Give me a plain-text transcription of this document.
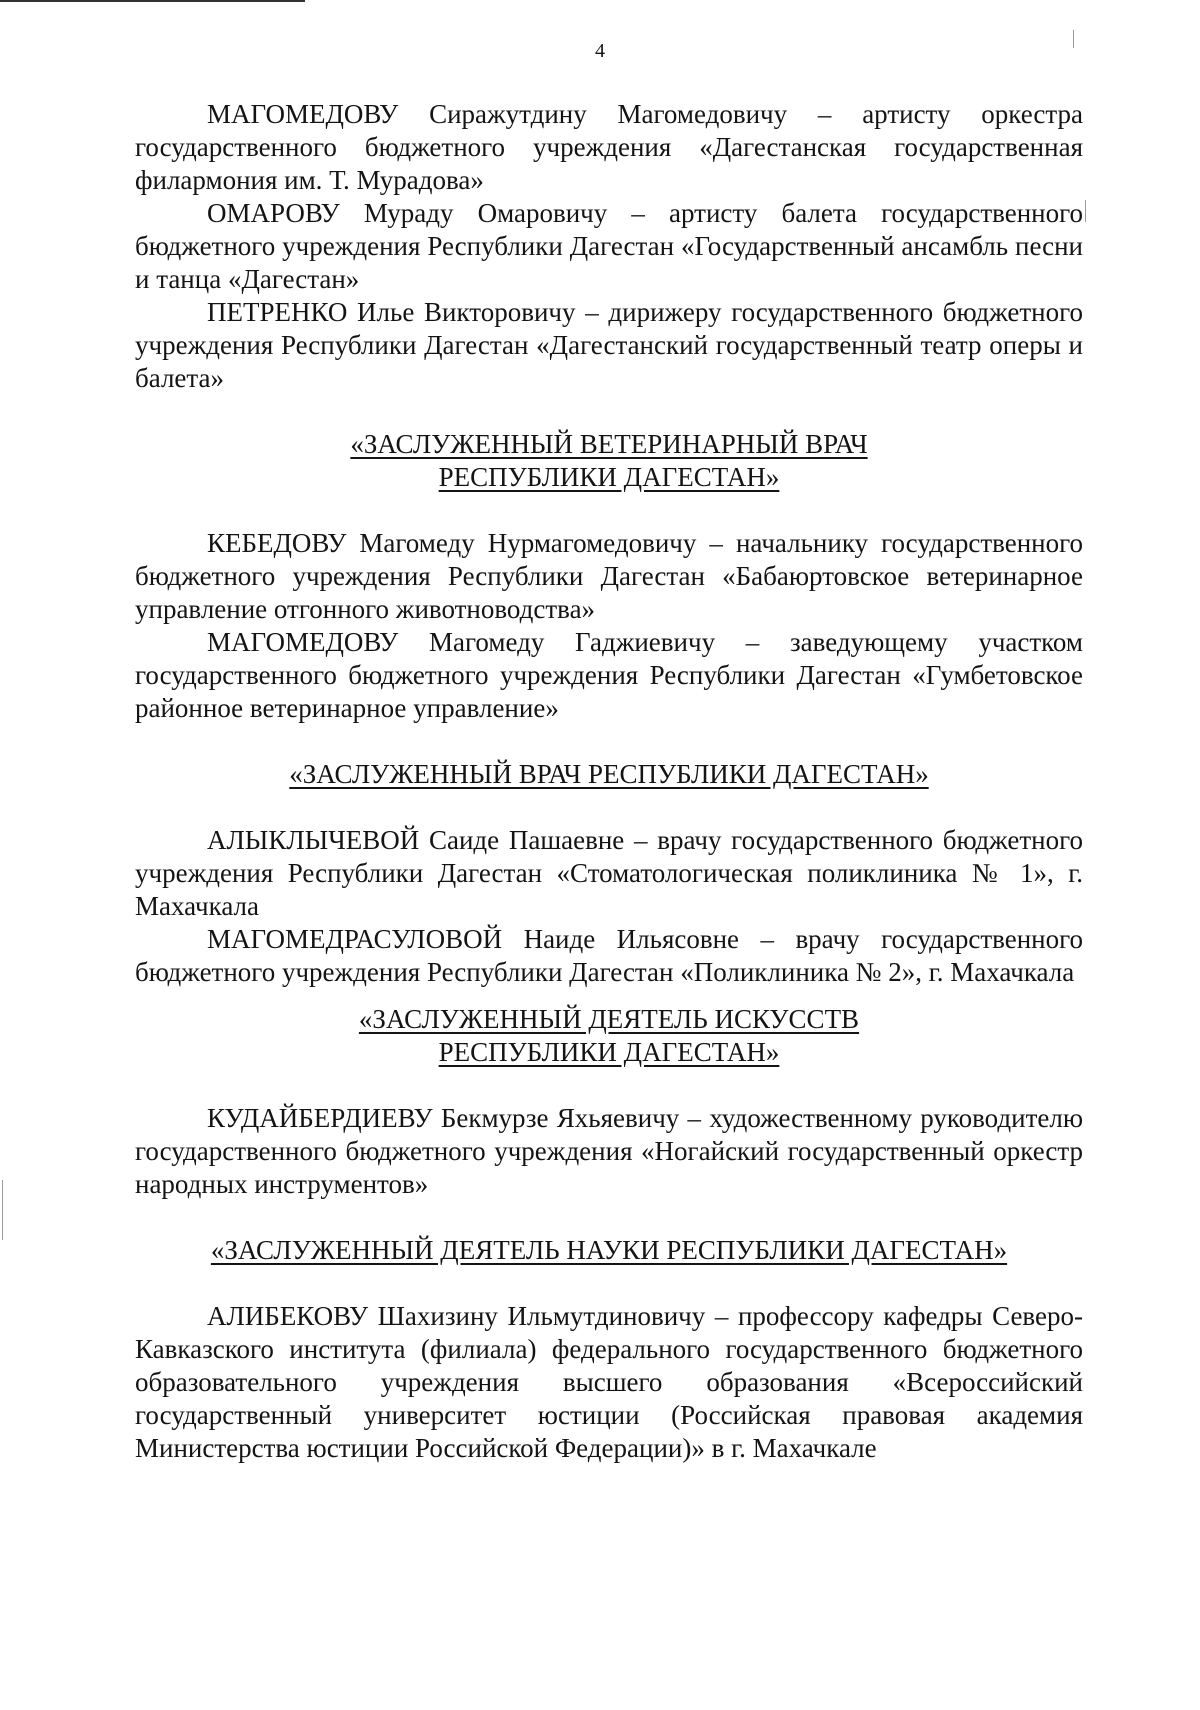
4

МАГОМЕДОВУ Сиражутдину Магомедовичу – артисту оркестра государственного бюджетного учреждения «Дагестанская государственная филармония им. Т. Мурадова»

ОМАРОВУ Мураду Омаровичу – артисту балета государственного бюджетного учреждения Республики Дагестан «Государственный ансамбль песни и танца «Дагестан»

ПЕТРЕНКО Илье Викторовичу – дирижеру государственного бюджетного учреждения Республики Дагестан «Дагестанский государственный театр оперы и балета»

«ЗАСЛУЖЕННЫЙ ВЕТЕРИНАРНЫЙ ВРАЧ

РЕСПУБЛИКИ ДАГЕСТАН»

КЕБЕДОВУ Магомеду Нурмагомедовичу – начальнику государственного бюджетного учреждения Республики Дагестан «Бабаюртовское ветеринарное управление отгонного животноводства»

МАГОМЕДОВУ Магомеду Гаджиевичу – заведующему участком государственного бюджетного учреждения Республики Дагестан «Гумбетовское районное ветеринарное управление»

«ЗАСЛУЖЕННЫЙ ВРАЧ РЕСПУБЛИКИ ДАГЕСТАН»

АЛЫКЛЫЧЕВОЙ Саиде Пашаевне – врачу государственного бюджетного учреждения Республики Дагестан «Стоматологическая поликлиника № 1», г. Махачкала

МАГОМЕДРАСУЛОВОЙ Наиде Ильясовне – врачу государственного бюджетного учреждения Республики Дагестан «Поликлиника № 2», г. Махачкала

«ЗАСЛУЖЕННЫЙ ДЕЯТЕЛЬ ИСКУССТВ

РЕСПУБЛИКИ ДАГЕСТАН»

КУДАЙБЕРДИЕВУ Бекмурзе Яхьяевичу – художественному руководителю государственного бюджетного учреждения «Ногайский государственный оркестр народных инструментов»

«ЗАСЛУЖЕННЫЙ ДЕЯТЕЛЬ НАУКИ РЕСПУБЛИКИ ДАГЕСТАН»

АЛИБЕКОВУ Шахизину Ильмутдиновичу – профессору кафедры Северо-Кавказского института (филиала) федерального государственного бюджетного образовательного учреждения высшего образования «Всероссийский государственный университет юстиции (Российская правовая академия Министерства юстиции Российской Федерации)» в г. Махачкале
